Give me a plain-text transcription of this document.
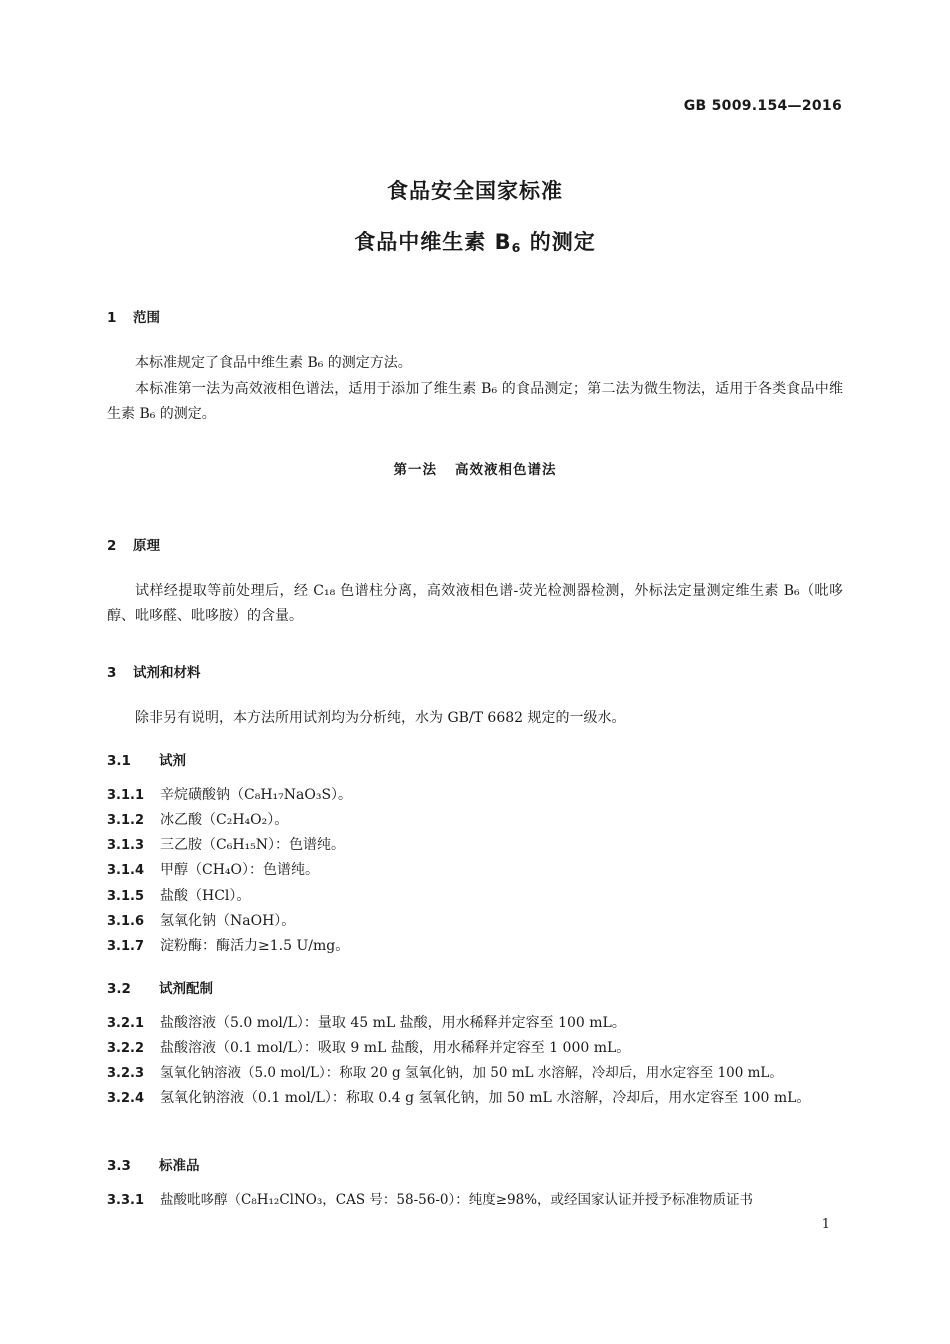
GB 5009.154—2016
食品安全国家标准
食品中维生素 $B_6$ 的测定
1 范围
本标准规定了食品中维生素 B₆ 的测定方法。
本标准第一法为高效液相色谱法，适用于添加了维生素 B₆ 的食品测定；第二法为微生物法，适用于各类食品中维生素 B₆ 的测定。
第一法 高效液相色谱法
2 原理
试样经提取等前处理后，经 C₁₈ 色谱柱分离，高效液相色谱-荧光检测器检测，外标法定量测定维生素 B₆（吡哆醇、吡哆醛、吡哆胺）的含量。
3 试剂和材料
除非另有说明，本方法所用试剂均为分析纯，水为 GB/T 6682 规定的一级水。
3.1 试剂
3.1.1 辛烷磺酸钠（C₈H₁₇NaO₃S）。
3.1.2 冰乙酸（C₂H₄O₂）。
3.1.3 三乙胺（C₆H₁₅N）：色谱纯。
3.1.4 甲醇（CH₄O）：色谱纯。
3.1.5 盐酸（HCl）。
3.1.6 氢氧化钠（NaOH）。
3.1.7 淀粉酶：酶活力≥1.5 U/mg。
3.2 试剂配制
3.2.1 盐酸溶液（5.0 mol/L）：量取 45 mL 盐酸，用水稀释并定容至 100 mL。
3.2.2 盐酸溶液（0.1 mol/L）：吸取 9 mL 盐酸，用水稀释并定容至 1 000 mL。
3.2.3 氢氧化钠溶液（5.0 mol/L）：称取 20 g 氢氧化钠，加 50 mL 水溶解，冷却后，用水定容至 100 mL。
3.2.4 氢氧化钠溶液（0.1 mol/L）：称取 0.4 g 氢氧化钠，加 50 mL 水溶解，冷却后，用水定容至 100 mL。
3.3 标准品
3.3.1 盐酸吡哆醇（C₈H₁₂ClNO₃，CAS 号：58-56-0）：纯度≥98%，或经国家认证并授予标准物质证书
1
